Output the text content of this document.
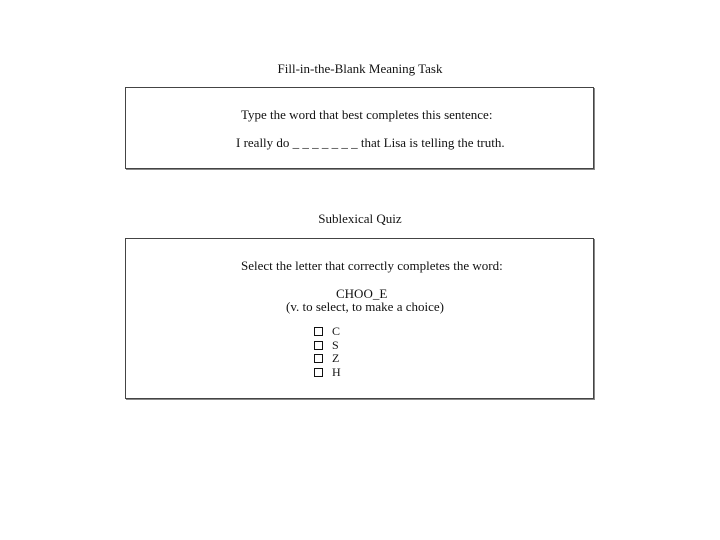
Fill-in-the-Blank Meaning Task
Type the word that best completes this sentence:
I really do _ _ _ _ _ _ _ that Lisa is telling the truth.
Sublexical Quiz
Select the letter that correctly completes the word:
CHOO_E
(v. to select, to make a choice)
C
S
Z
H
